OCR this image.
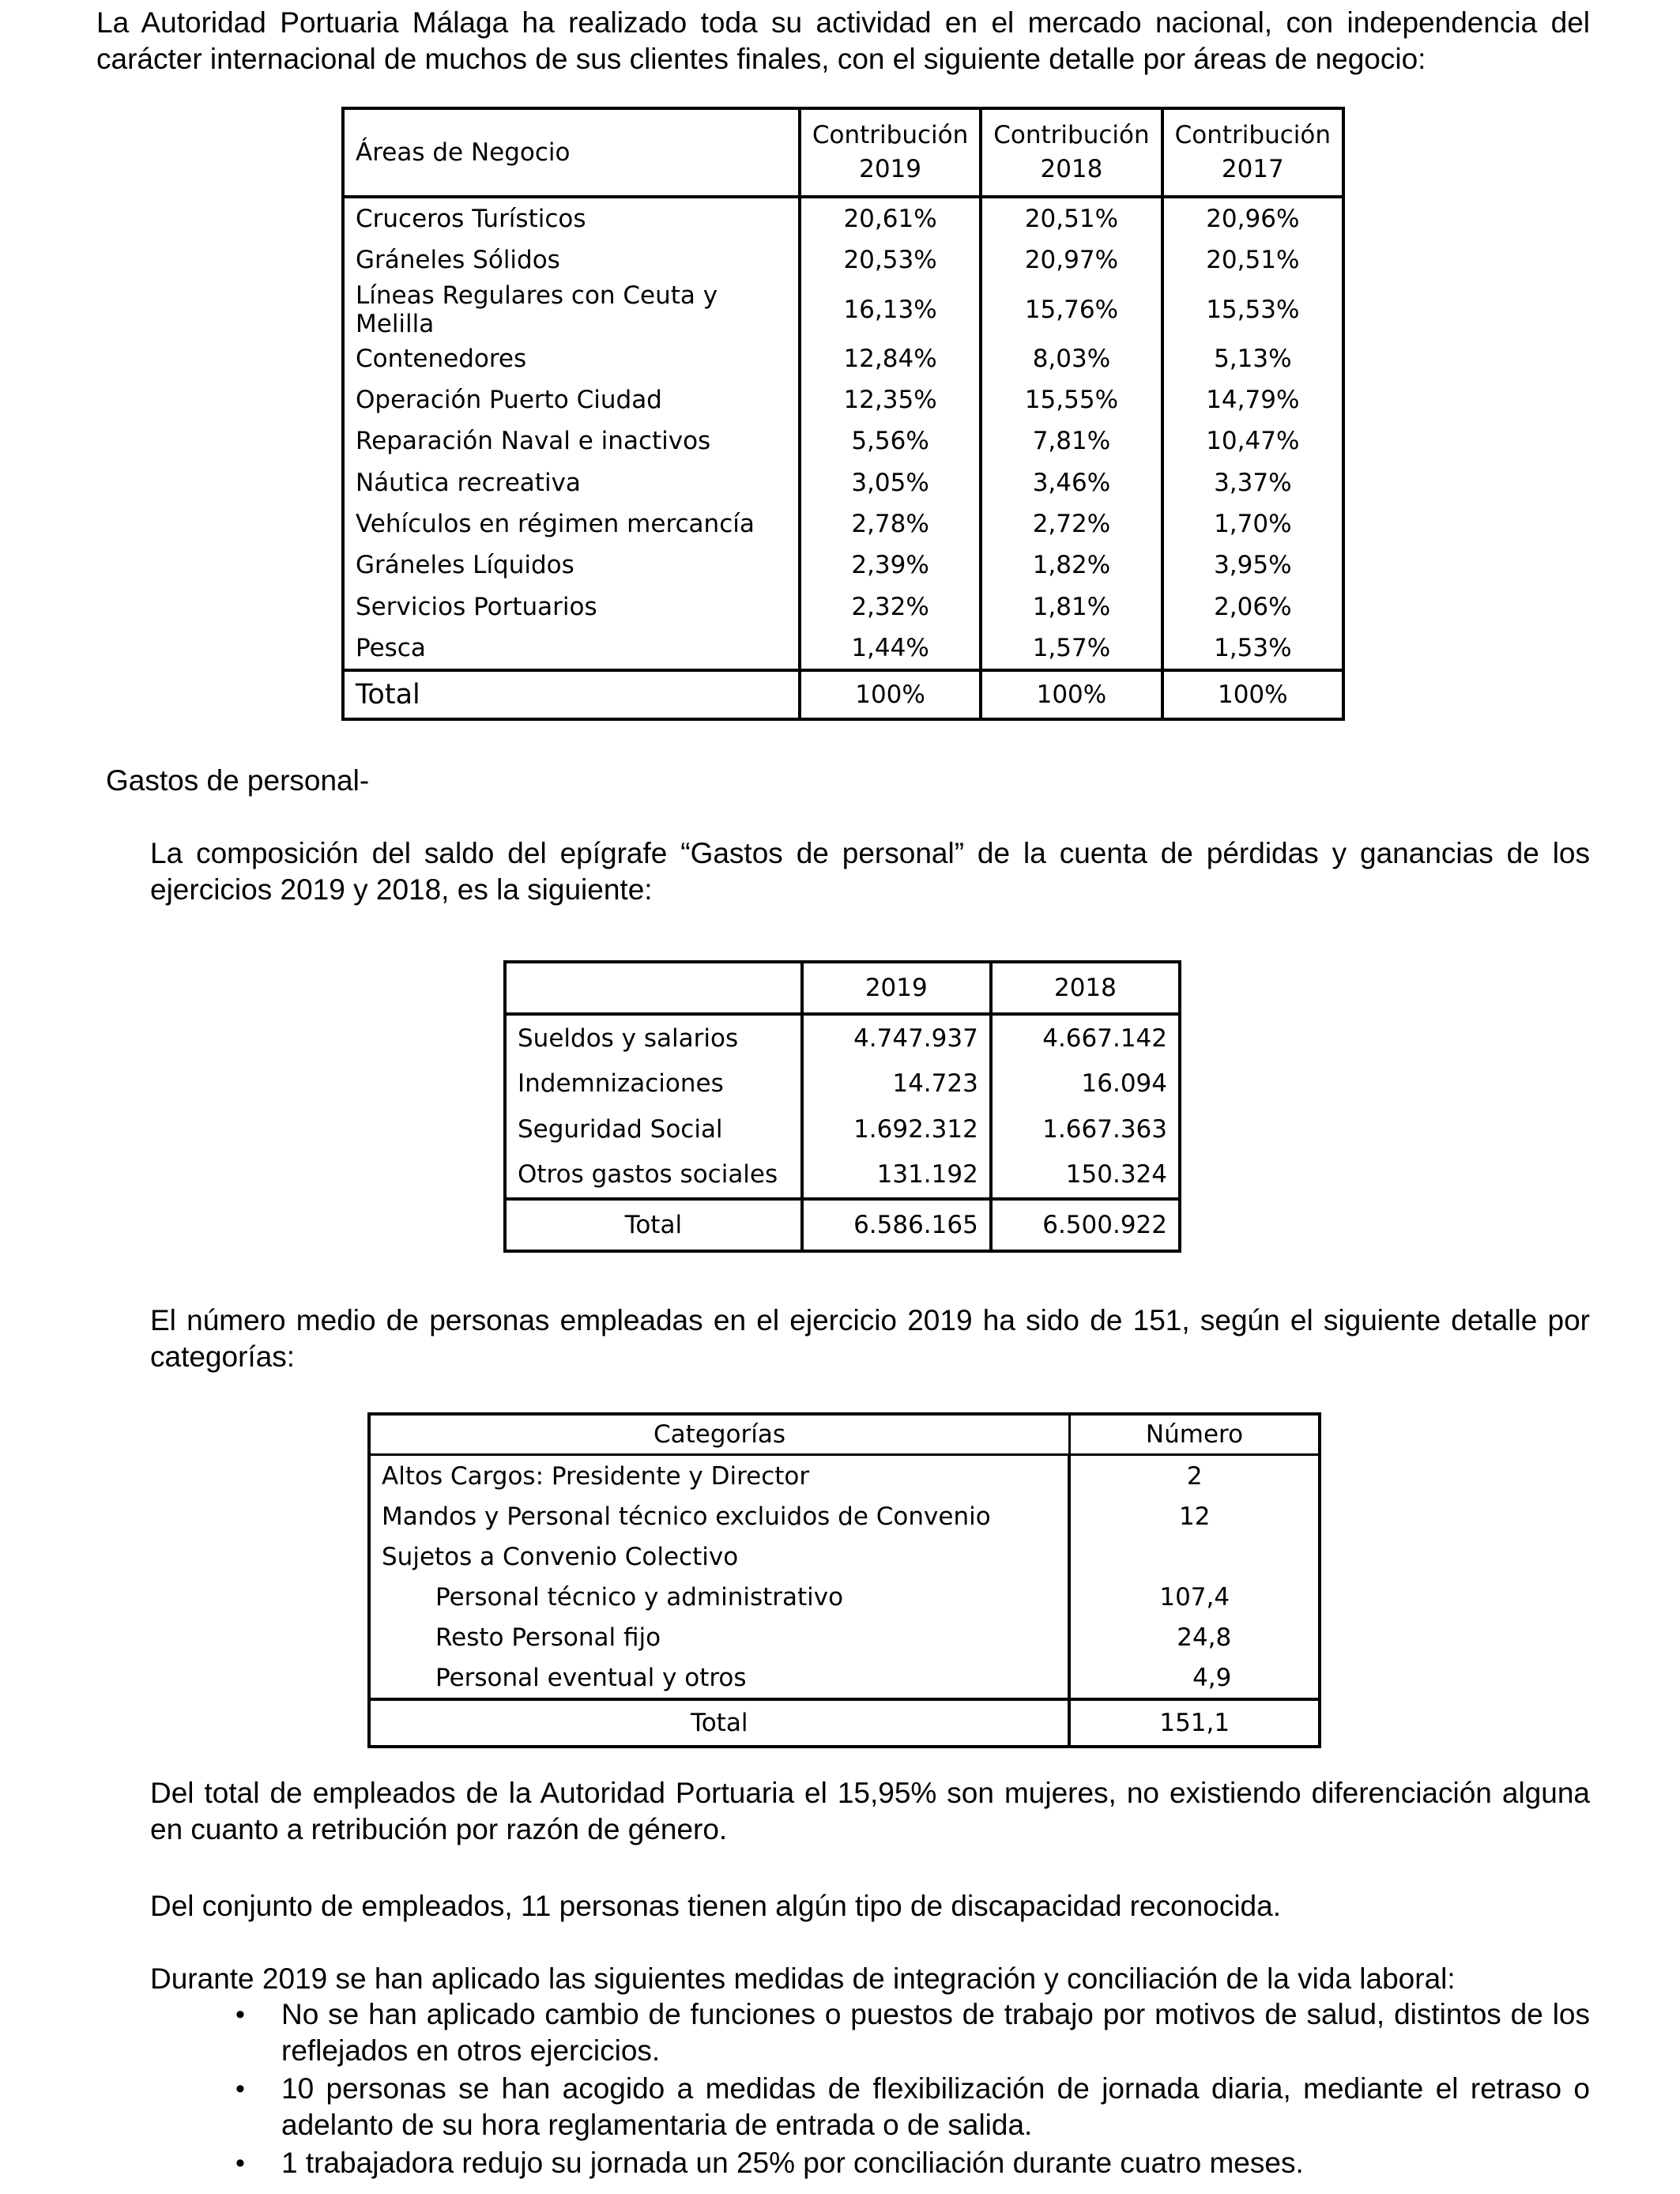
La Autoridad Portuaria Málaga ha realizado toda su actividad en el mercado nacional, con independencia del carácter internacional de muchos de sus clientes finales, con el siguiente detalle por áreas de negocio:

Áreas de Negocio	Contribución 2019	Contribución 2018	Contribución 2017
Cruceros Turísticos	20,61%	20,51%	20,96%
Gráneles Sólidos	20,53%	20,97%	20,51%
Líneas Regulares con Ceuta y Melilla	16,13%	15,76%	15,53%
Contenedores	12,84%	8,03%	5,13%
Operación Puerto Ciudad	12,35%	15,55%	14,79%
Reparación Naval e inactivos	5,56%	7,81%	10,47%
Náutica recreativa	3,05%	3,46%	3,37%
Vehículos en régimen mercancía	2,78%	2,72%	1,70%
Gráneles Líquidos	2,39%	1,82%	3,95%
Servicios Portuarios	2,32%	1,81%	2,06%
Pesca	1,44%	1,57%	1,53%
Total	100%	100%	100%

Gastos de personal-

La composición del saldo del epígrafe “Gastos de personal” de la cuenta de pérdidas y ganancias de los ejercicios 2019 y 2018, es la siguiente:

	2019	2018
Sueldos y salarios	4.747.937	4.667.142
Indemnizaciones	14.723	16.094
Seguridad Social	1.692.312	1.667.363
Otros gastos sociales	131.192	150.324
Total	6.586.165	6.500.922

El número medio de personas empleadas en el ejercicio 2019 ha sido de 151, según el siguiente detalle por categorías:

Categorías	Número
Altos Cargos: Presidente y Director	2
Mandos y Personal técnico excluidos de Convenio	12
Sujetos a Convenio Colectivo	
Personal técnico y administrativo	107,4
Resto Personal fijo	24,8
Personal eventual y otros	4,9
Total	151,1

Del total de empleados de la Autoridad Portuaria el 15,95% son mujeres, no existiendo diferenciación alguna en cuanto a retribución por razón de género.

Del conjunto de empleados, 11 personas tienen algún tipo de discapacidad reconocida.

Durante 2019 se han aplicado las siguientes medidas de integración y conciliación de la vida laboral:

• No se han aplicado cambio de funciones o puestos de trabajo por motivos de salud, distintos de los reflejados en otros ejercicios.
• 10 personas se han acogido a medidas de flexibilización de jornada diaria, mediante el retraso o adelanto de su hora reglamentaria de entrada o de salida.
• 1 trabajadora redujo su jornada un 25% por conciliación durante cuatro meses.
